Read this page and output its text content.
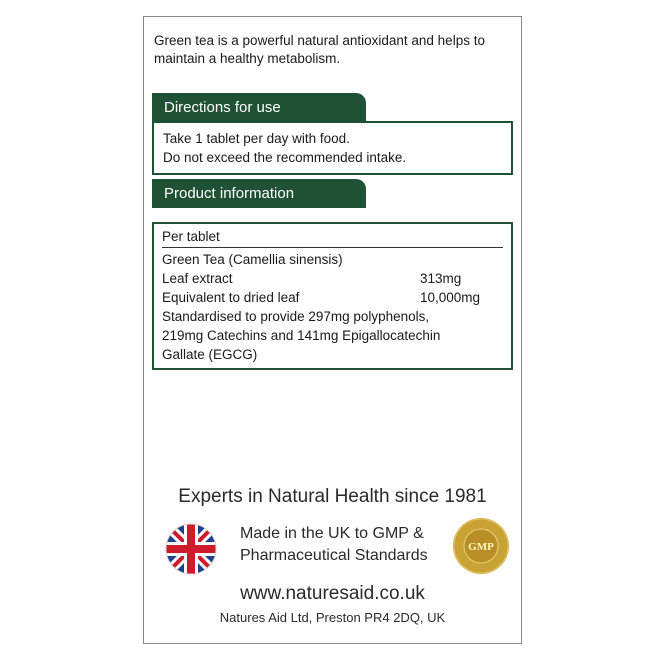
Green tea is a powerful natural antioxidant and helps to
maintain a healthy metabolism.
Directions for use
Take 1 tablet per day with food.
Do not exceed the recommended intake.
Product information
Per tablet
Green Tea (Camellia sinensis)
Leaf extract	313mg
Equivalent to dried leaf	10,000mg
Standardised to provide 297mg polyphenols,
219mg Catechins and 141mg Epigallocatechin
Gallate (EGCG)
Experts in Natural Health since 1981
Made in the UK to GMP &
Pharmaceutical Standards	GMP
www.naturesaid.co.uk
Natures Aid Ltd, Preston PR4 2DQ, UK
